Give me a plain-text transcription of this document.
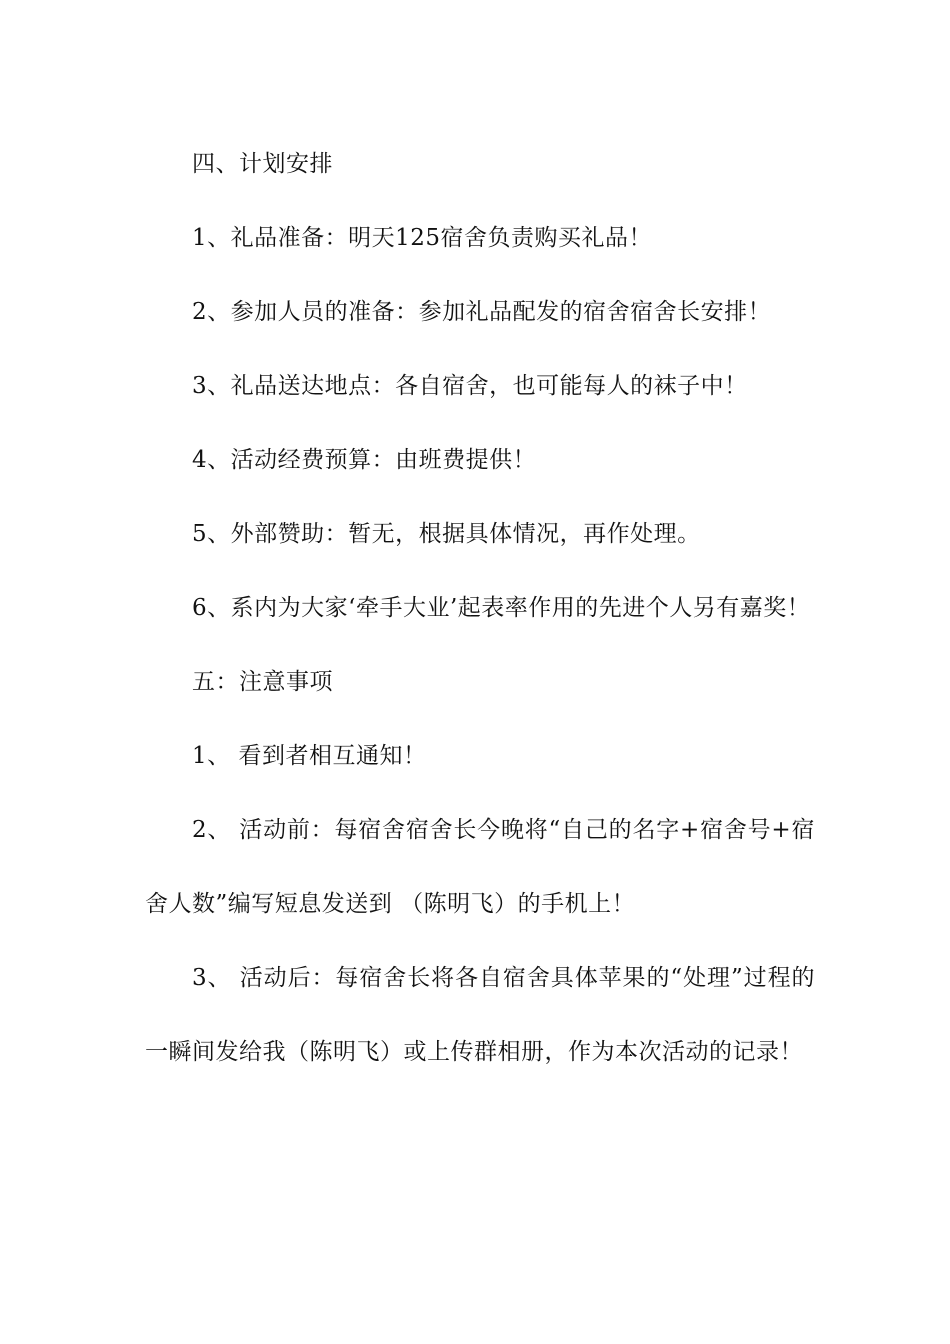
四、计划安排

1、礼品准备：明天125宿舍负责购买礼品！

2、参加人员的准备：参加礼品配发的宿舍宿舍长安排！

3、礼品送达地点：各自宿舍，也可能每人的袜子中！

4、活动经费预算：由班费提供！

5、外部赞助：暂无，根据具体情况，再作处理。

6、系内为大家‘牵手大业’起表率作用的先进个人另有嘉奖！

五：注意事项

1、 看到者相互通知！

2、 活动前：每宿舍宿舍长今晚将“自己的名字+宿舍号+宿舍人数”编写短息发送到 （陈明飞）的手机上！

3、 活动后：每宿舍长将各自宿舍具体苹果的“处理”过程的一瞬间发给我（陈明飞）或上传群相册，作为本次活动的记录！
